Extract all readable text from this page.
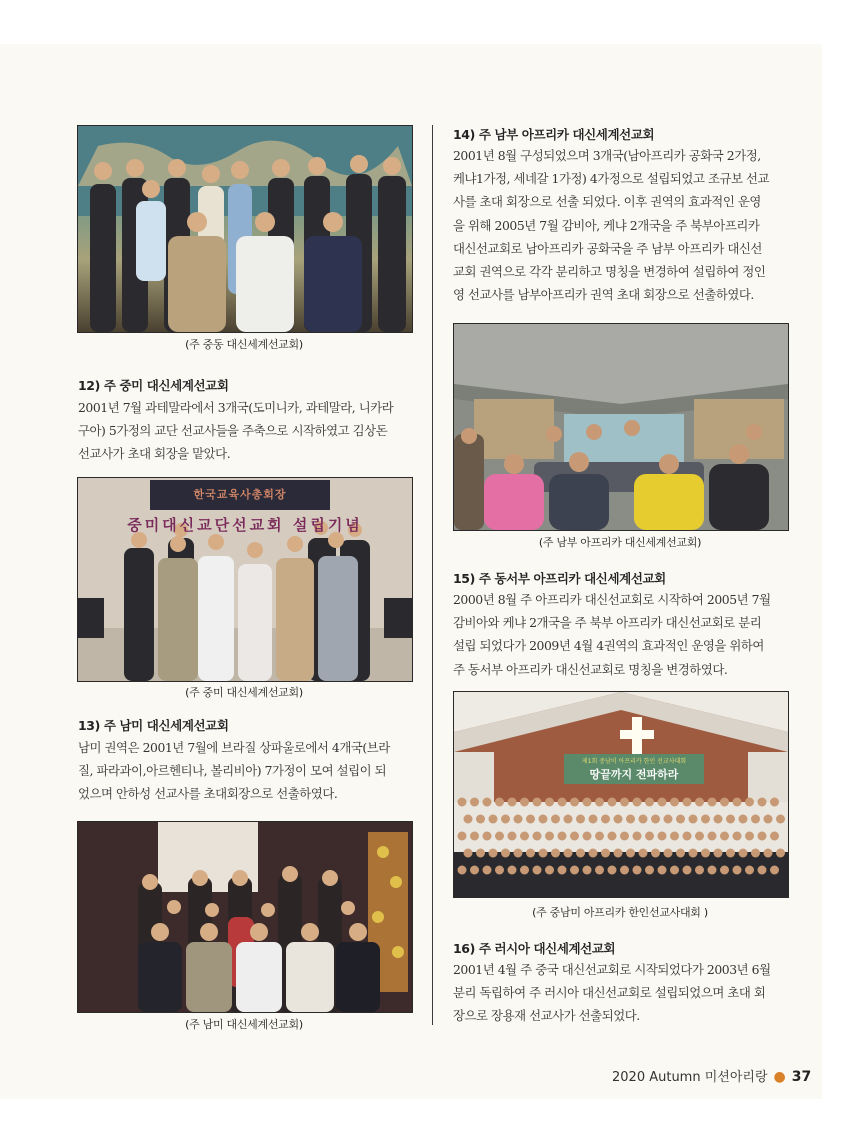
(주 중동 대신세계선교회)
12) 주 중미 대신세계선교회
2001년 7월 과테말라에서 3개국(도미니카, 과테말라, 니카라
구아) 5가정의 교단 선교사들을 주축으로 시작하였고 김상돈
선교사가 초대 회장을 맡았다.
한국교육사총회장
중미대신교단선교회 설립기념
(주 중미 대신세계선교회)
13) 주 남미 대신세계선교회
남미 권역은 2001년 7월에 브라질 상파울로에서 4개국(브라
질, 파라과이,아르헨티나, 볼리비아) 7가정이 모여 설립이 되
었으며 안하성 선교사를 초대회장으로 선출하였다.
(주 남미 대신세계선교회)
14) 주 남부 아프리카 대신세계선교회
2001년 8월 구성되었으며 3개국(남아프리카 공화국 2가정,
케냐1가정, 세네갈 1가정) 4가정으로 설립되었고 조규보 선교
사를 초대 회장으로 선출 되었다. 이후 권역의 효과적인 운영
을 위해 2005년 7월 감비아, 케냐 2개국을 주 북부아프리카
대신선교회로 남아프리카 공화국을 주 남부 아프리카 대신선
교회 권역으로 각각 분리하고 명칭을 변경하여 설립하여 정인
영 선교사를 남부아프리카 권역 초대 회장으로 선출하였다.
(주 남부 아프리카 대신세계선교회)
15) 주 동서부 아프리카 대신세계선교회
2000년 8월 주 아프리카 대신선교회로 시작하여 2005년 7월
감비아와 케냐 2개국을 주 북부 아프리카 대신선교회로 분리
설립 되었다가 2009년 4월 4권역의 효과적인 운영을 위하여
주 동서부 아프리카 대신선교회로 명칭을 변경하였다.
제1회 중남미 아프리카 한인 선교사대회
땅끝까지 전파하라
(주 중남미 아프리카 한인선교사대회 )
16) 주 러시아 대신세계선교회
2001년 4월 주 중국 대신선교회로 시작되었다가 2003년 6월
분리 독립하여 주 러시아 대신선교회로 설립되었으며 초대 회
장으로 장용재 선교사가 선출되었다.
2020 Autumn 미션아리랑 ● 37
